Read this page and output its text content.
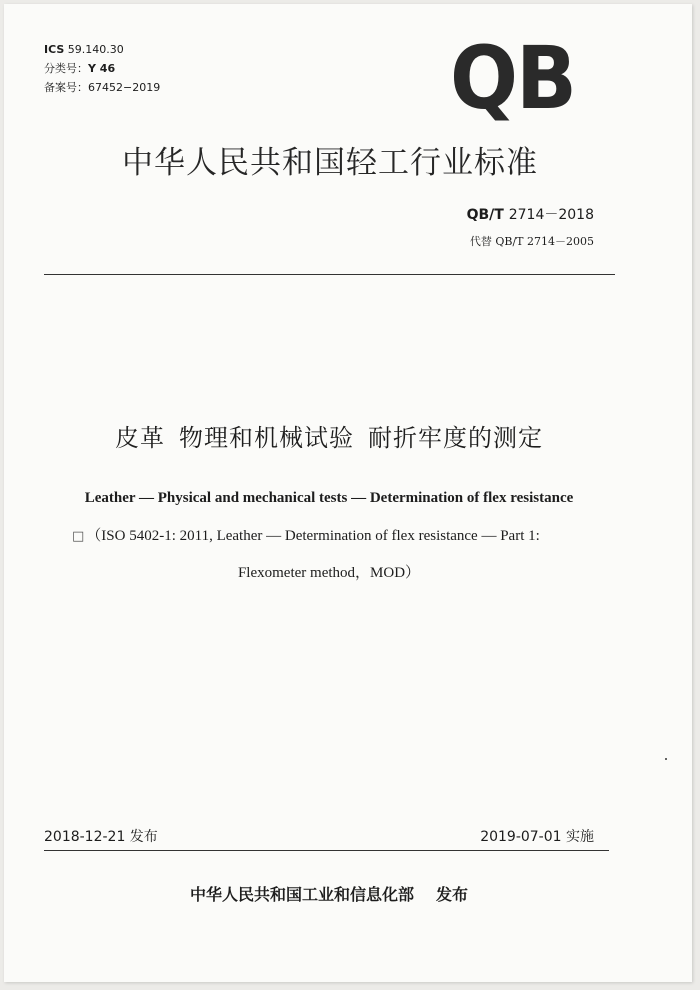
ICS 59.140.30
分类号：Y 46
备案号：67452−2019	QB
中华人民共和国轻工行业标准
QB/T 2714－2018
代替 QB/T 2714－2005
皮革 物理和机械试验 耐折牢度的测定
Leather — Physical and mechanical tests — Determination of flex resistance
□ （ISO 5402-1: 2011, Leather — Determination of flex resistance — Part 1:
Flexometer method，MOD）
2018-12-21 发布	2019-07-01 实施
中华人民共和国工业和信息化部 发布
